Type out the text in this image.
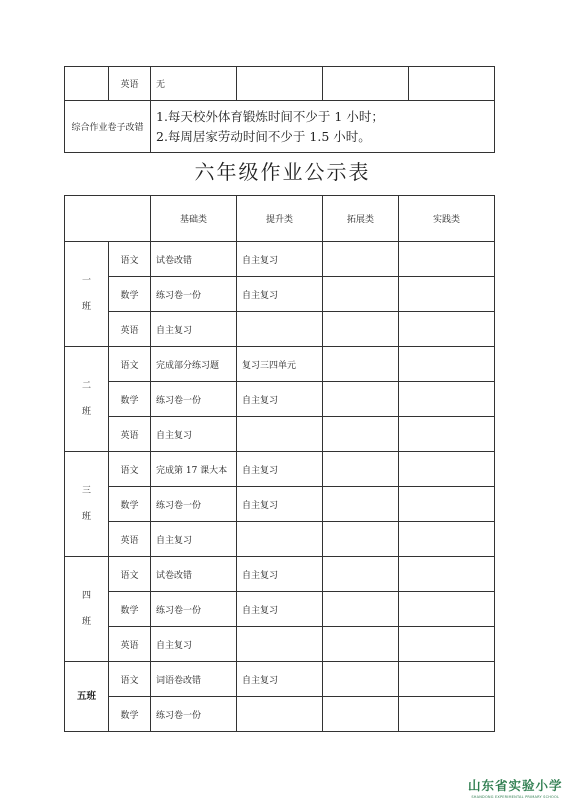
	英语	无			
综合作业卷子改错		1.每天校外体育锻炼时间不少于 1 小时；
2.每周居家劳动时间不少于 1.5 小时。			
六年级作业公示表
		基础类	提升类	拓展类	实践类
一
班	语文	试卷改错	自主复习		
	数学	练习卷一份	自主复习		
	英语	自主复习			
二
班	语文	完成部分练习题	复习三四单元		
	数学	练习卷一份	自主复习		
	英语	自主复习			
三
班	语文	完成第 17 课大本	自主复习		
	数学	练习卷一份	自主复习		
	英语	自主复习			
四
班	语文	试卷改错	自主复习		
	数学	练习卷一份	自主复习		
	英语	自主复习			
五班	语文	词语卷改错	自主复习		
	数学	练习卷一份			
山东省实验小学
SHANDONG EXPERIMENTAL PRIMARY SCHOOL
